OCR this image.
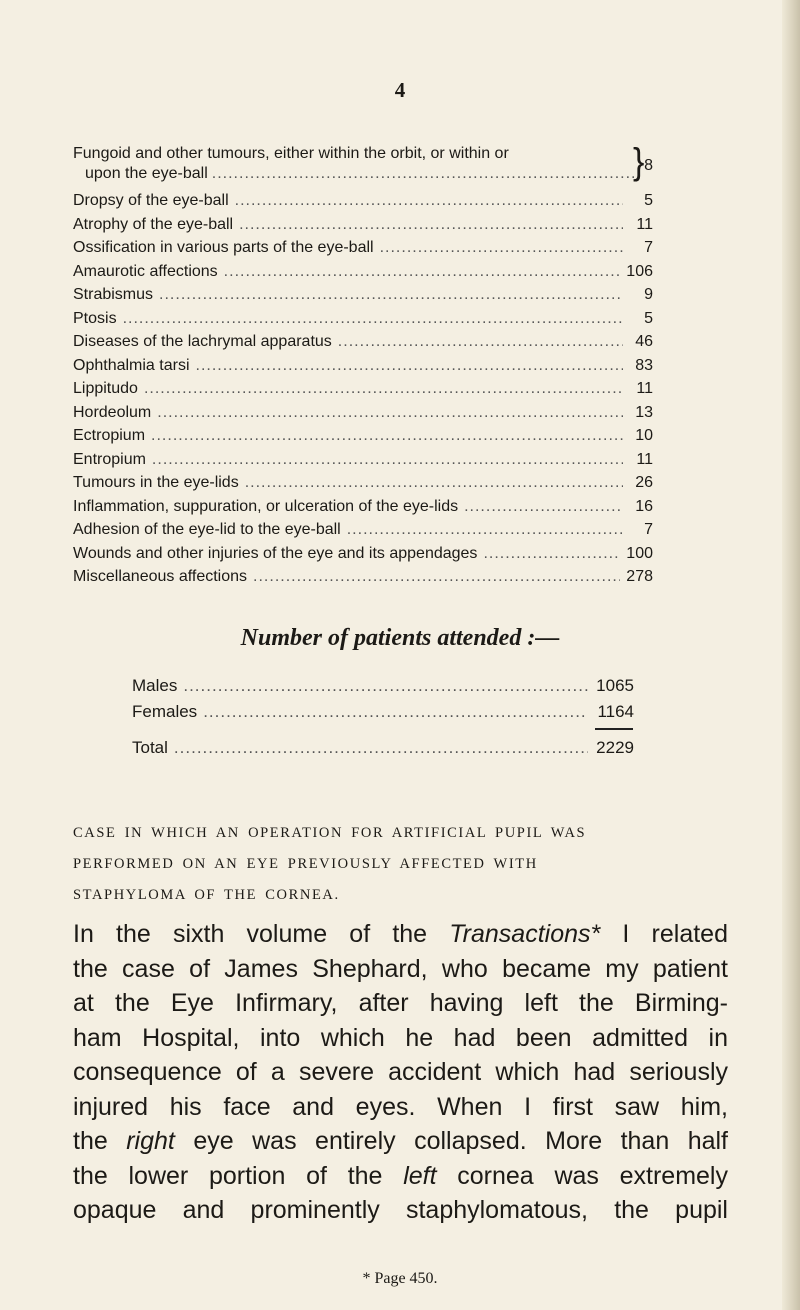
4
Fungoid and other tumours, either within the orbit, or within or
upon the eye-ball .....	} 8
Dropsy of the eye-ball .....	5
Atrophy of the eye-ball .....	11
Ossification in various parts of the eye-ball .....	7
Amaurotic affections .....	106
Strabismus .....	9
Ptosis .....	5
Diseases of the lachrymal apparatus .....	46
Ophthalmia tarsi .....	83
Lippitudo .....	11
Hordeolum .....	13
Ectropium .....	10
Entropium .....	11
Tumours in the eye-lids .....	26
Inflammation, suppuration, or ulceration of the eye-lids .....	16
Adhesion of the eye-lid to the eye-ball .....	7
Wounds and other injuries of the eye and its appendages .....	100
Miscellaneous affections .....	278
Number of patients attended :—
Males .....	1065
Females .....	1164
Total .....	2229
CASE IN WHICH AN OPERATION FOR ARTIFICIAL PUPIL WAS
PERFORMED ON AN EYE PREVIOUSLY AFFECTED WITH
STAPHYLOMA OF THE CORNEA.
In the sixth volume of the Transactions* I related
the case of James Shephard, who became my patient
at the Eye Infirmary, after having left the Birming-
ham Hospital, into which he had been admitted in
consequence of a severe accident which had seriously
injured his face and eyes. When I first saw him,
the right eye was entirely collapsed. More than half
the lower portion of the left cornea was extremely
opaque and prominently staphylomatous, the pupil
* Page 450.
